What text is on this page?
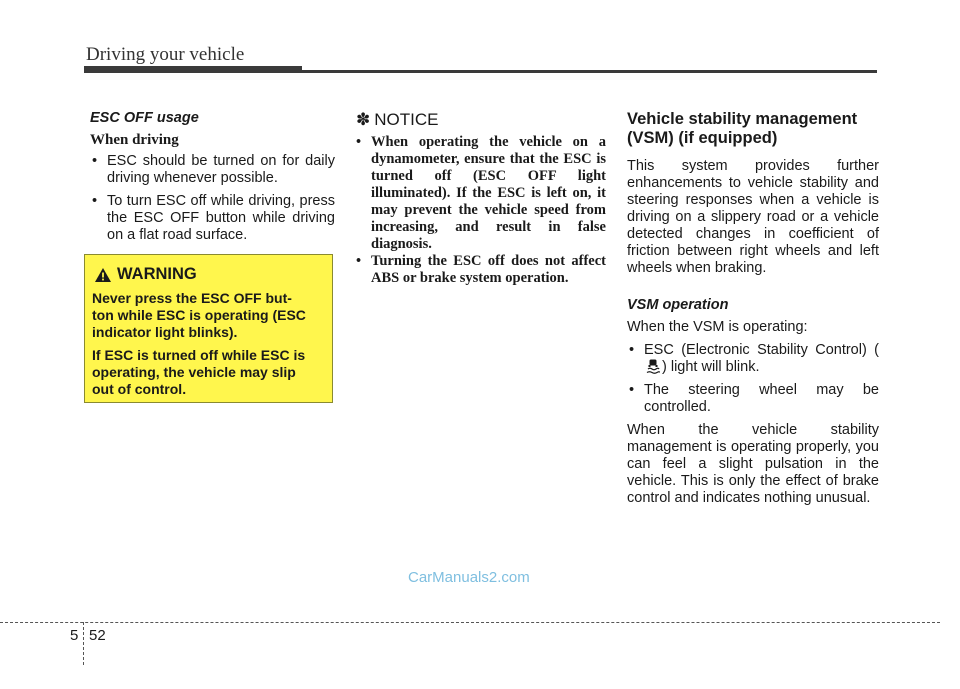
Driving your vehicle
ESC OFF usage
When driving
• ESC should be turned on for daily driving whenever possible.
• To turn ESC off while driving, press the ESC OFF button while driving on a flat road surface.
WARNING

Never press the ESC OFF but-
ton while ESC is operating (ESC
indicator light blinks).

If ESC is turned off while ESC is
operating, the vehicle may slip
out of control.

✽ NOTICE
• When operating the vehicle on a dynamometer, ensure that the ESC is turned off (ESC OFF light illuminated). If the ESC is left on, it may prevent the vehicle speed from increasing, and result in false diagnosis.
• Turning the ESC off does not affect ABS or brake system operation.
Vehicle stability management (VSM) (if equipped)

This system provides further enhancements to vehicle stability and steering responses when a vehicle is driving on a slippery road or a vehicle detected changes in coefficient of friction between right wheels and left wheels when braking.

VSM operation

When the VSM is operating:

• ESC (Electronic Stability Control) () light will blink.
• The steering wheel may be controlled.

When the vehicle stability management is operating properly, you can feel a slight pulsation in the vehicle. This is only the effect of brake control and indicates nothing unusual.

CarManuals2.com
5 52
